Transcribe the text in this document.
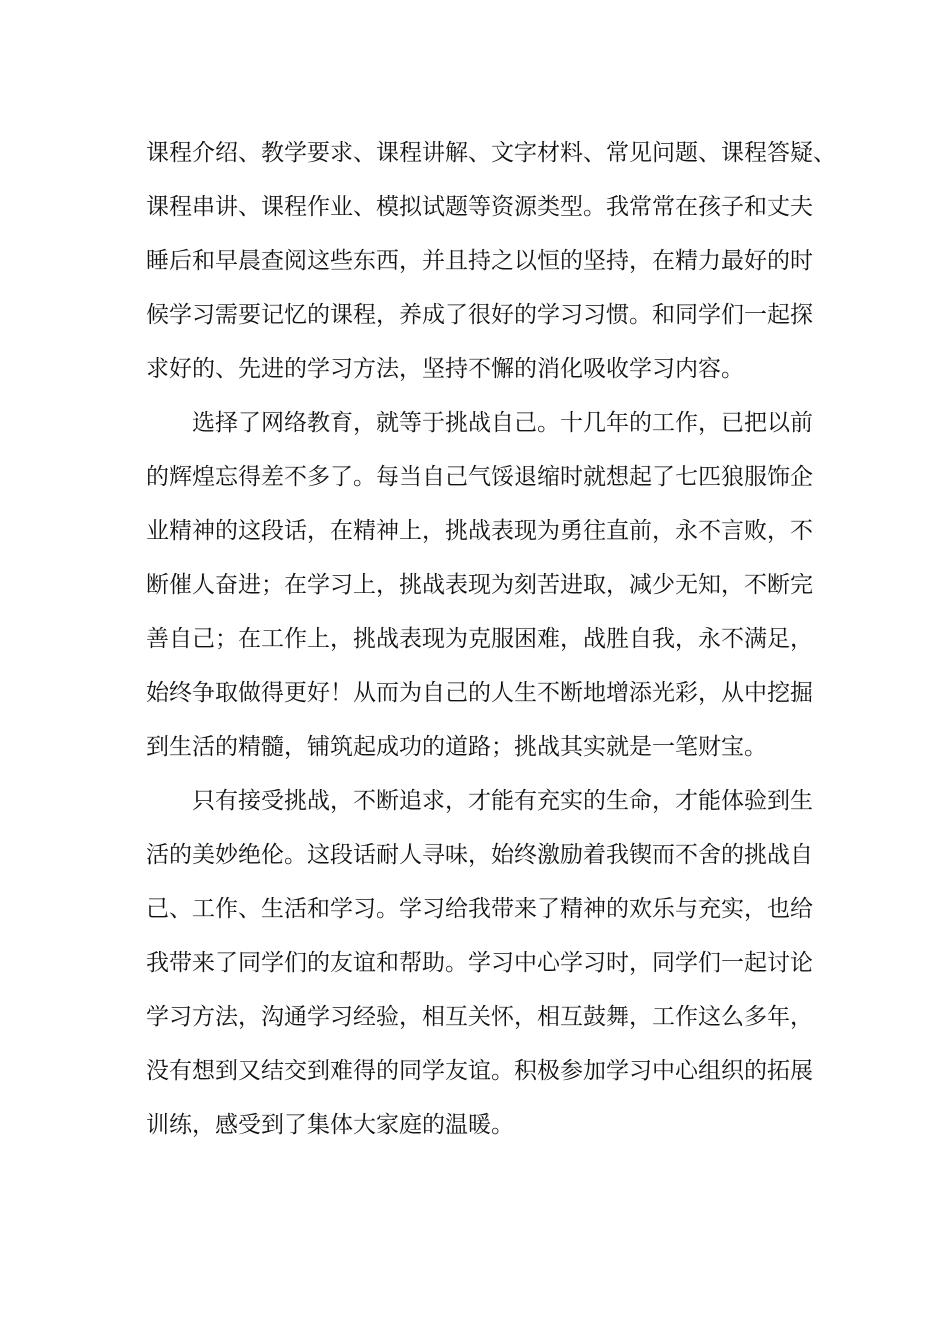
课程介绍、教学要求、课程讲解、文字材料、常见问题、课程答疑、
课程串讲、课程作业、模拟试题等资源类型。我常常在孩子和丈夫
睡后和早晨查阅这些东西，并且持之以恒的坚持，在精力最好的时
候学习需要记忆的课程，养成了很好的学习习惯。和同学们一起探
求好的、先进的学习方法，坚持不懈的消化吸收学习内容。
选择了网络教育，就等于挑战自己。十几年的工作，已把以前
的辉煌忘得差不多了。每当自己气馁退缩时就想起了七匹狼服饰企
业精神的这段话，在精神上，挑战表现为勇往直前，永不言败，不
断催人奋进；在学习上，挑战表现为刻苦进取，减少无知，不断完
善自己；在工作上，挑战表现为克服困难，战胜自我，永不满足，
始终争取做得更好！从而为自己的人生不断地增添光彩，从中挖掘
到生活的精髓，铺筑起成功的道路；挑战其实就是一笔财宝。
只有接受挑战，不断追求，才能有充实的生命，才能体验到生
活的美妙绝伦。这段话耐人寻味，始终激励着我锲而不舍的挑战自
己、工作、生活和学习。学习给我带来了精神的欢乐与充实，也给
我带来了同学们的友谊和帮助。学习中心学习时，同学们一起讨论
学习方法，沟通学习经验，相互关怀，相互鼓舞，工作这么多年，
没有想到又结交到难得的同学友谊。积极参加学习中心组织的拓展
训练，感受到了集体大家庭的温暖。
